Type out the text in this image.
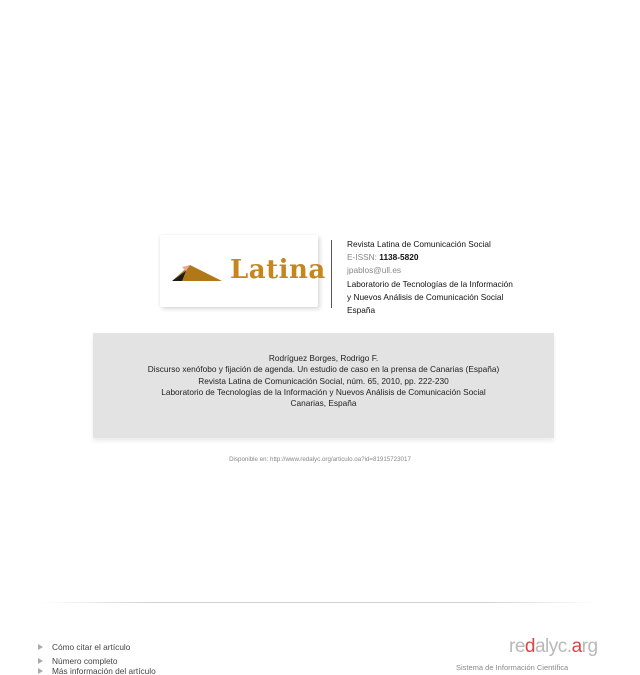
Latina
Revista Latina de Comunicación Social
E-ISSN: 1138-5820
jpablos@ull.es
Laboratorio de Tecnologías de la Información
y Nuevos Análisis de Comunicación Social
España
Rodríguez Borges, Rodrigo F.
Discurso xenófobo y fijación de agenda. Un estudio de caso en la prensa de Canarias (España)
Revista Latina de Comunicación Social, núm. 65, 2010, pp. 222-230
Laboratorio de Tecnologías de la Información y Nuevos Análisis de Comunicación Social
Canarias, España
Disponible en: http://www.redalyc.org/articulo.oa?id=81915723017
Cómo citar el artículo
Número completo
Más información del artículo
redalyc.arg
Sistema de Información Científica
